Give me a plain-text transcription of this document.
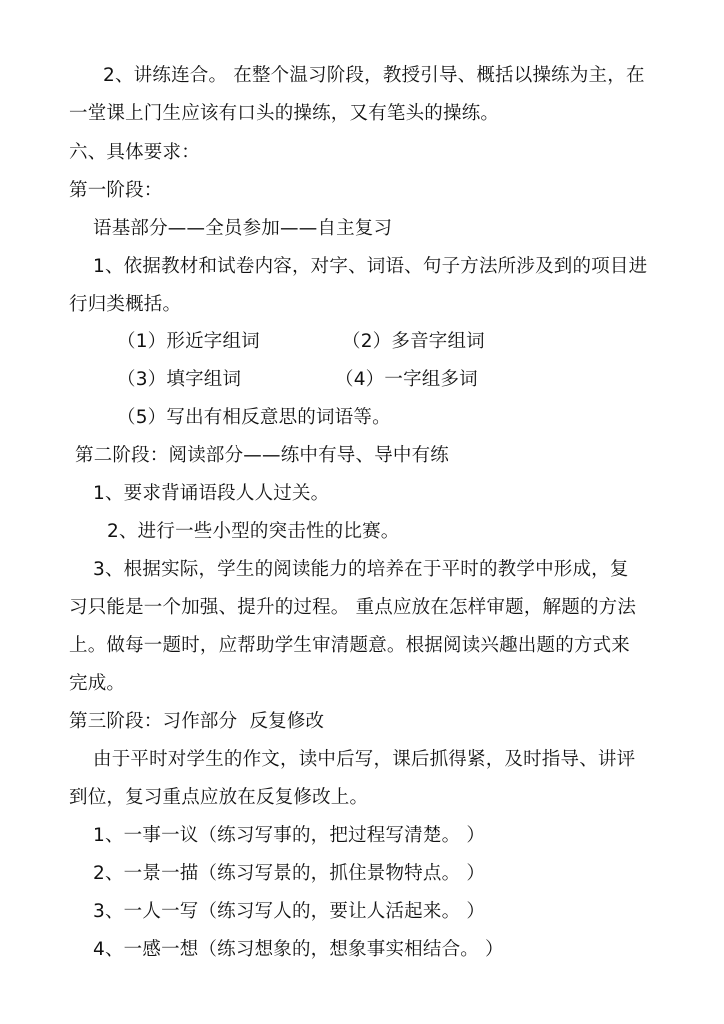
2、讲练连合。 在整个温习阶段，教授引导、概括以操练为主，在
一堂课上门生应该有口头的操练，又有笔头的操练。
六、具体要求：
第一阶段：
语基部分——全员参加——自主复习
1、依据教材和试卷内容，对字、词语、句子方法所涉及到的项目进
行归类概括。
（1）形近字组词	（2）多音字组词
（3）填字组词	（4）一字组多词
（5）写出有相反意思的词语等。
第二阶段：阅读部分——练中有导、导中有练
1、要求背诵语段人人过关。
2、进行一些小型的突击性的比赛。
3、根据实际，学生的阅读能力的培养在于平时的教学中形成，复
习只能是一个加强、提升的过程。 重点应放在怎样审题，解题的方法
上。做每一题时，应帮助学生审清题意。根据阅读兴趣出题的方式来
完成。
第三阶段：习作部分  反复修改
由于平时对学生的作文，读中后写，课后抓得紧，及时指导、讲评
到位，复习重点应放在反复修改上。
1、一事一议（练习写事的，把过程写清楚。 ）
2、一景一描（练习写景的，抓住景物特点。 ）
3、一人一写（练习写人的，要让人活起来。 ）
4、一感一想（练习想象的，想象事实相结合。 ）
